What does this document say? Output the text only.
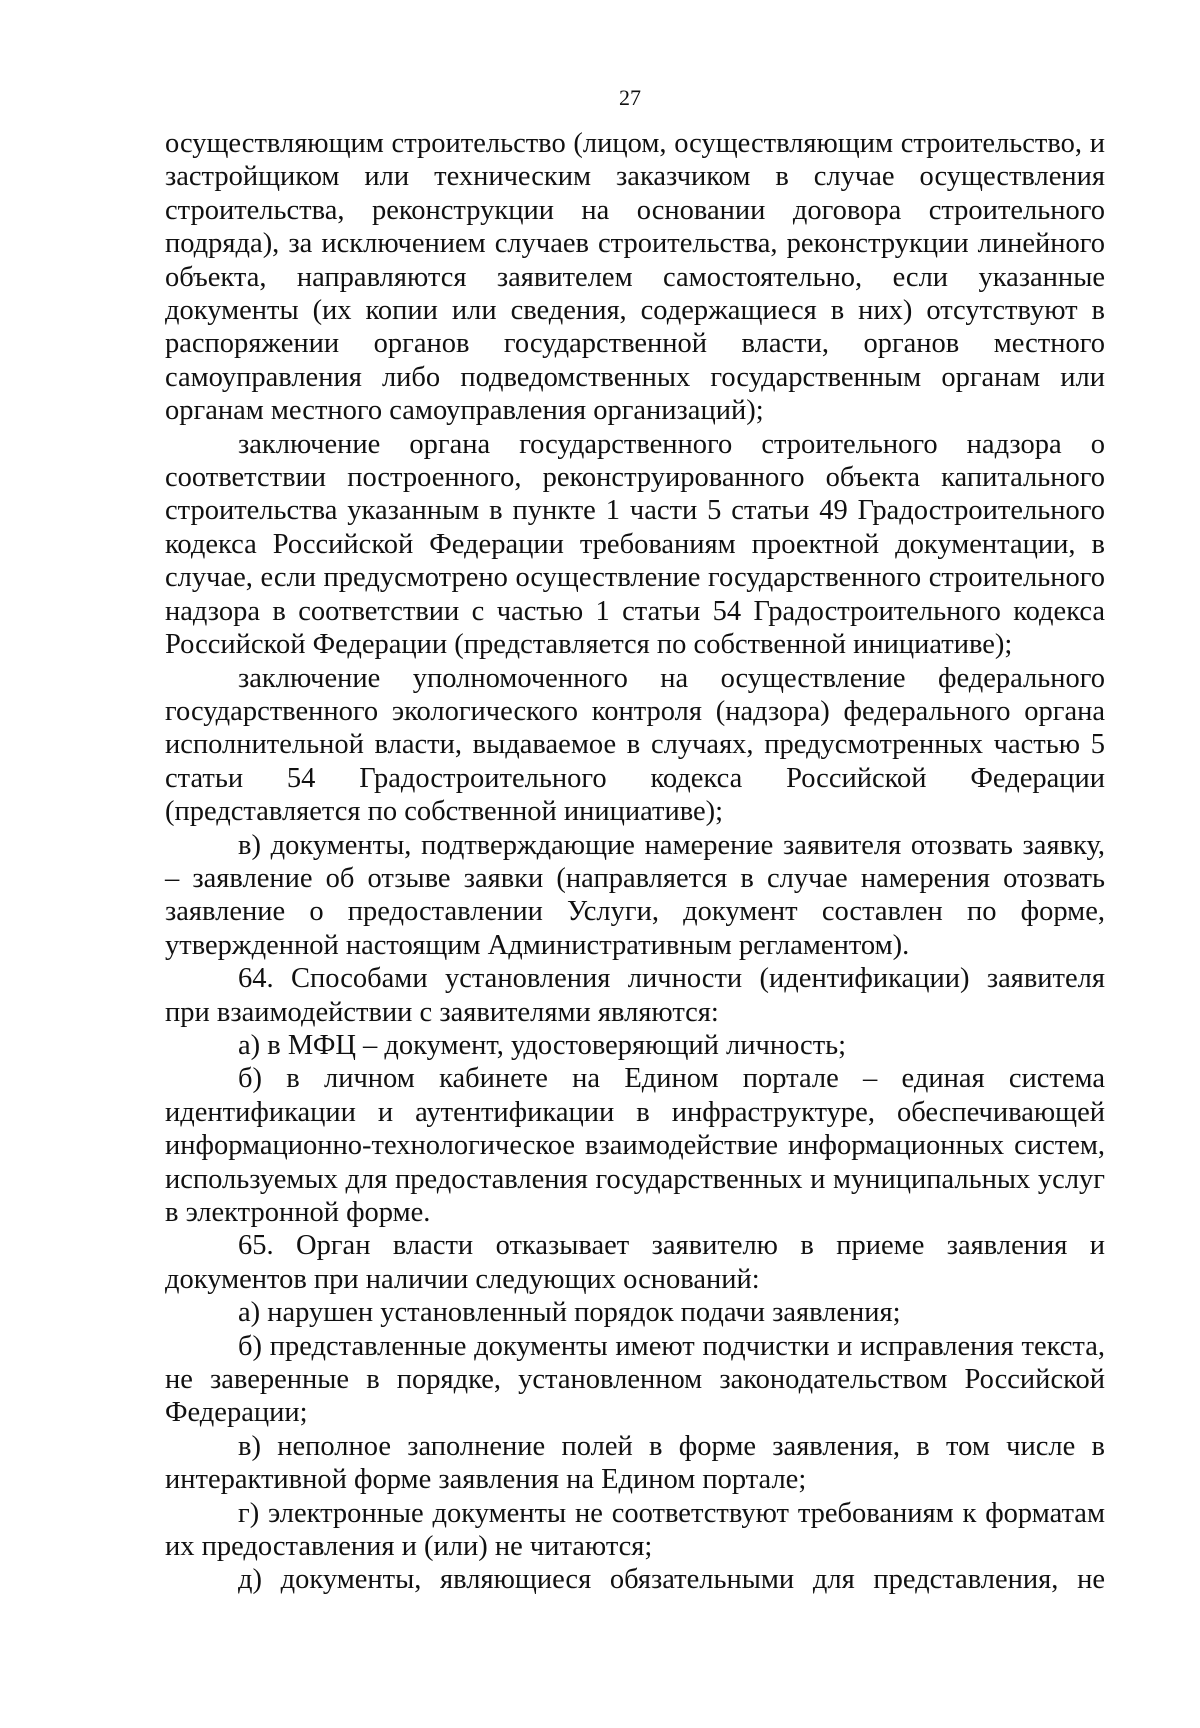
27

осуществляющим строительство (лицом, осуществляющим строительство, и застройщиком или техническим заказчиком в случае осуществления строительства, реконструкции на основании договора строительного подряда), за исключением случаев строительства, реконструкции линейного объекта, направляются заявителем самостоятельно, если указанные документы (их копии или сведения, содержащиеся в них) отсутствуют в распоряжении органов государственной власти, органов местного самоуправления либо подведомственных государственным органам или органам местного самоуправления организаций);

заключение органа государственного строительного надзора о соответствии построенного, реконструированного объекта капитального строительства указанным в пункте 1 части 5 статьи 49 Градостроительного кодекса Российской Федерации требованиям проектной документации, в случае, если предусмотрено осуществление государственного строительного надзора в соответствии с частью 1 статьи 54 Градостроительного кодекса Российской Федерации (представляется по собственной инициативе);

заключение уполномоченного на осуществление федерального государственного экологического контроля (надзора) федерального органа исполнительной власти, выдаваемое в случаях, предусмотренных частью 5 статьи 54 Градостроительного кодекса Российской Федерации (представляется по собственной инициативе);

в) документы, подтверждающие намерение заявителя отозвать заявку, – заявление об отзыве заявки (направляется в случае намерения отозвать заявление о предоставлении Услуги, документ составлен по форме, утвержденной настоящим Административным регламентом).

64. Способами установления личности (идентификации) заявителя при взаимодействии с заявителями являются:

а) в МФЦ – документ, удостоверяющий личность;

б) в личном кабинете на Едином портале – единая система идентификации и аутентификации в инфраструктуре, обеспечивающей информационно-технологическое взаимодействие информационных систем, используемых для предоставления государственных и муниципальных услуг в электронной форме.

65. Орган власти отказывает заявителю в приеме заявления и документов при наличии следующих оснований:

а) нарушен установленный порядок подачи заявления;

б) представленные документы имеют подчистки и исправления текста, не заверенные в порядке, установленном законодательством Российской Федерации;

в) неполное заполнение полей в форме заявления, в том числе в интерактивной форме заявления на Едином портале;

г) электронные документы не соответствуют требованиям к форматам их предоставления и (или) не читаются;

д) документы, являющиеся обязательными для представления, не
